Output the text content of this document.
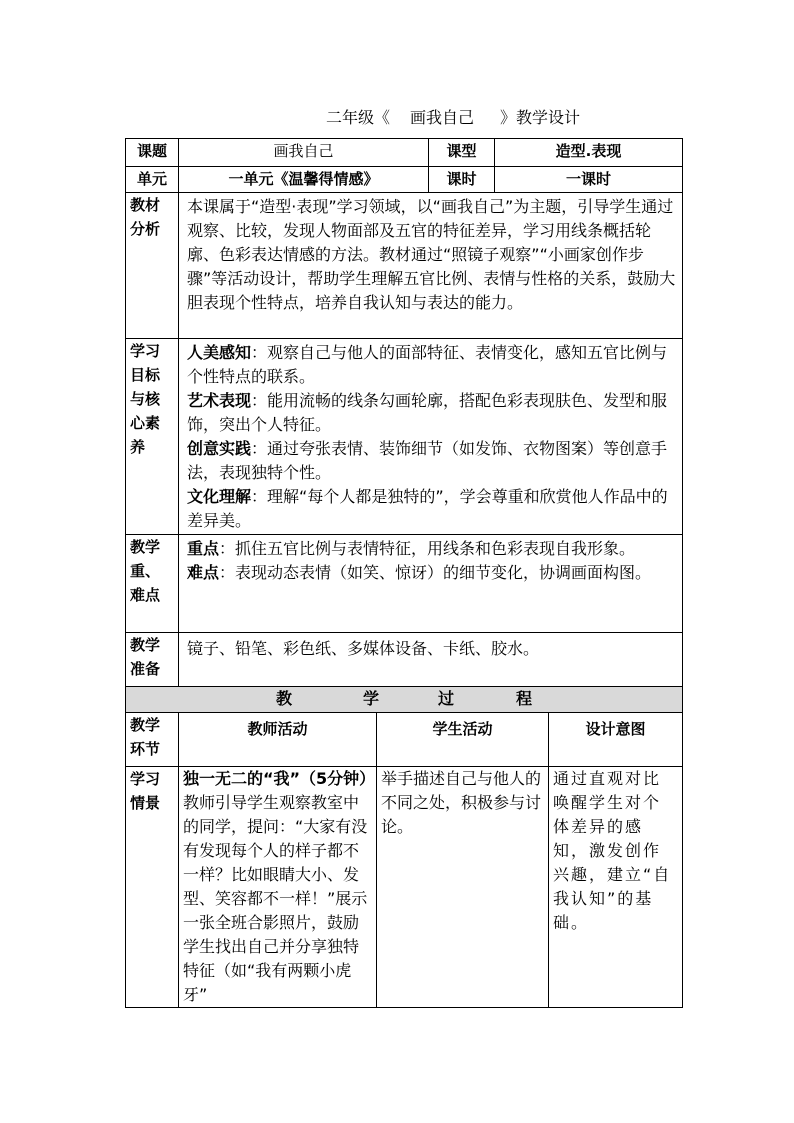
二年级《 画我自己 》教学设计
课题	画我自己		课型	造型.表现	
单元	一单元《温馨得情感》		课时	一课时	
教材分析	本课属于“造型·表现”学习领域，以“画我自己”为主题，引导学生通过观察、比较，发现人物面部及五官的特征差异，学习用线条概括轮廓、色彩表达情感的方法。教材通过“照镜子观察”“小画家创作步骤”等活动设计，帮助学生理解五官比例、表情与性格的关系，鼓励大胆表现个性特点，培养自我认知与表达的能力。				
学习目标与核心素养	人美感知：观察自己与他人的面部特征、表情变化，感知五官比例与个性特点的联系。
艺术表现：能用流畅的线条勾画轮廓，搭配色彩表现肤色、发型和服饰，突出个人特征。
创意实践：通过夸张表情、装饰细节（如发饰、衣物图案）等创意手法，表现独特个性。
文化理解：理解“每个人都是独特的”，学会尊重和欣赏他人作品中的差异美。				

教学重、难点	重点：抓住五官比例与表情特征，用线条和色彩表现自我形象。
难点：表现动态表情（如笑、惊讶）的细节变化，协调画面构图。				

教学准备	镜子、铅笔、彩色纸、多媒体设备、卡纸、胶水。				

教 学 过 程					

教学环节	教师活动	学生活动			设计意图
学习情景	独一无二的“我”（5分钟）
教师引导学生观察教室中的同学，提问：“大家有没有发现每个人的样子都不一样？比如眼睛大小、发型、笑容都不一样！”展示一张全班合影照片，鼓励学生找出自己并分享独特特征（如“我有两颗小虎牙”	举手描述自己与他人的不同之处，积极参与讨论。			通过直观对比唤醒学生对个体差异的感知，激发创作兴趣，建立“自我认知”的基础。
